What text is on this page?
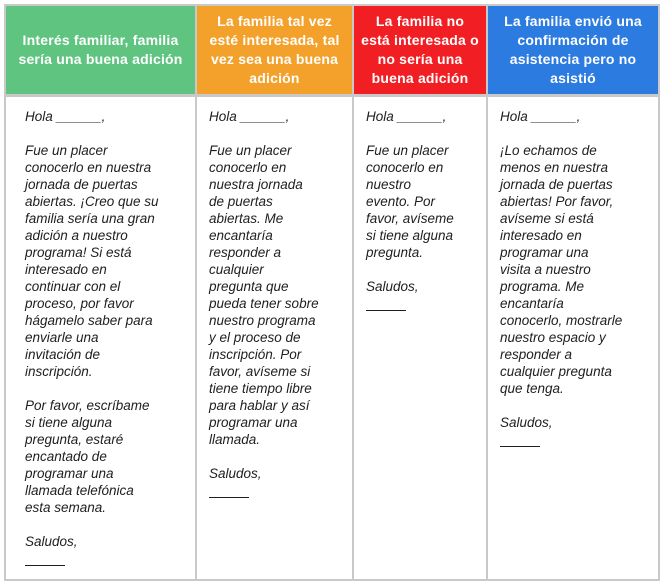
Interés familiar, familia sería una buena adición

Hola ______,

Fue un placer
conocerlo en nuestra
jornada de puertas
abiertas. ¡Creo que su
familia sería una gran
adición a nuestro
programa! Si está
interesado en
continuar con el
proceso, por favor
hágamelo saber para
enviarle una
invitación de
inscripción.

Por favor, escríbame
si tiene alguna
pregunta, estaré
encantado de
programar una
llamada telefónica
esta semana.

Saludos,

La familia tal vez esté interesada, tal vez sea una buena adición

Hola ______,

Fue un placer
conocerlo en
nuestra jornada
de puertas
abiertas. Me
encantaría
responder a
cualquier
pregunta que
pueda tener sobre
nuestro programa
y el proceso de
inscripción. Por
favor, avíseme si
tiene tiempo libre
para hablar y así
programar una
llamada.

Saludos,

La familia no está interesada o no sería una buena adición

Hola ______,

Fue un placer
conocerlo en
nuestro
evento. Por
favor, avíseme
si tiene alguna
pregunta.

Saludos,

La familia envió una confirmación de asistencia pero no asistió

Hola ______,

¡Lo echamos de
menos en nuestra
jornada de puertas
abiertas! Por favor,
avíseme si está
interesado en
programar una
visita a nuestro
programa. Me
encantaría
conocerlo, mostrarle
nuestro espacio y
responder a
cualquier pregunta
que tenga.

Saludos,
